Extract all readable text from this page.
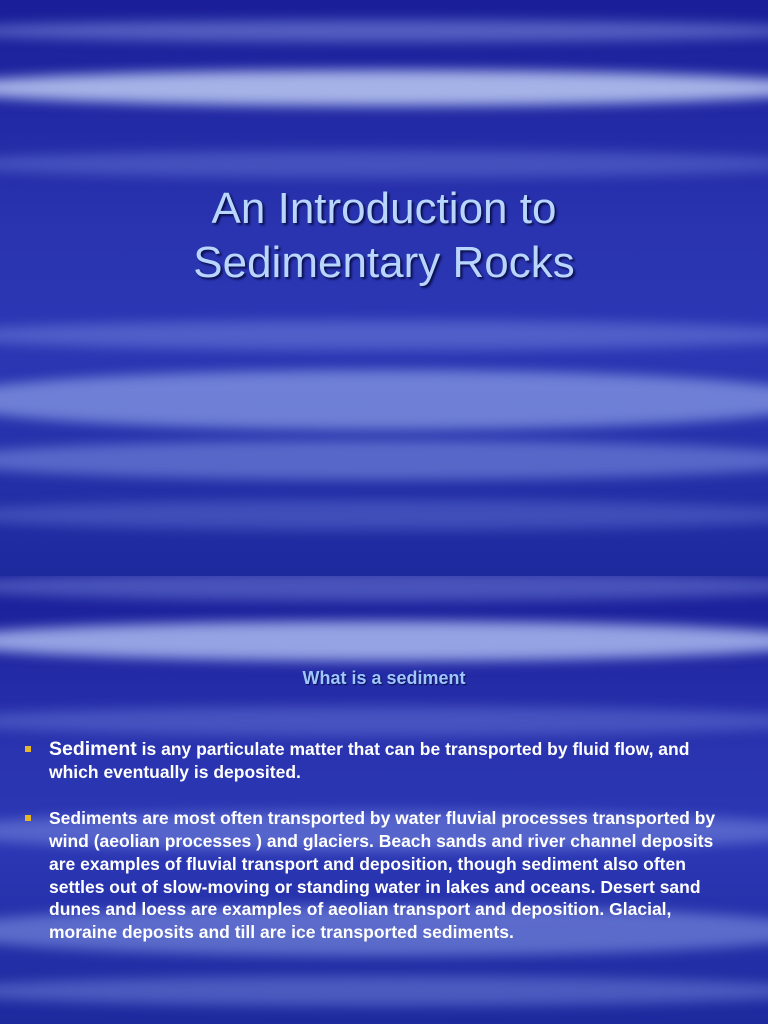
An Introduction to
Sedimentary Rocks
What is a sediment
Sediment is any particulate matter that can be transported by fluid flow, and which eventually is deposited.
Sediments are most often transported by water fluvial processes transported by wind (aeolian processes ) and glaciers. Beach sands and river channel deposits are examples of fluvial transport and deposition, though sediment also often settles out of slow-moving or standing water in lakes and oceans. Desert sand dunes and loess are examples of aeolian transport and deposition. Glacial, moraine deposits and till are ice transported sediments.
